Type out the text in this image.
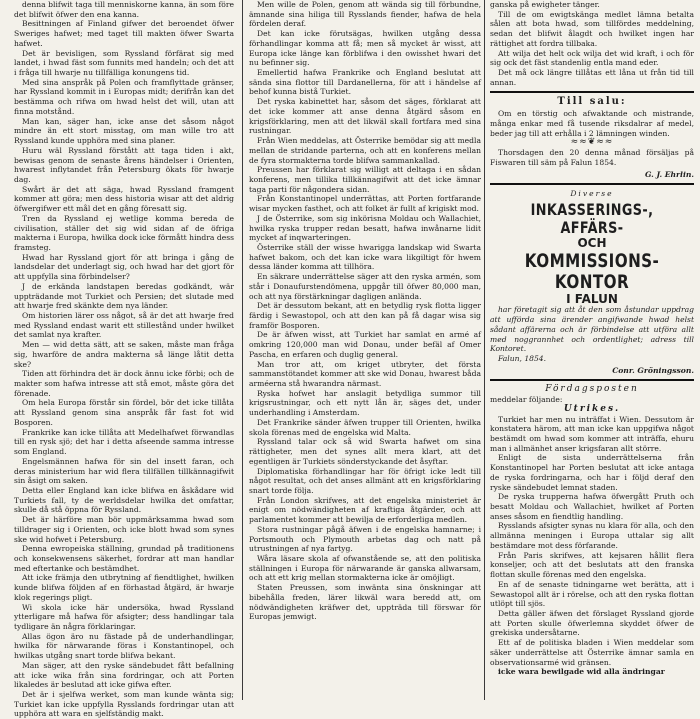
denna blifwit taga till menniskorne kanna, än som före det blifwit öfwer den ena kanna.

Besittningen af Finland gifwer det beroendet öfwer Sweriges hafwet; med taget till makten öfwer Swarta hafwet.

Det är bevisligen, som Ryssland förfärat sig med landet, i hwad fäst som funnits med handeln; och det att i fråga till hwarje nu tillfälliga konungens tid.

Med sina anspråk på Polen och framflyttade gränser, har Ryssland kommit in i Europas midt; derifrån kan det bestämma och rifwa om hwad helst det will, utan att finna motstånd.

Man kan, säger han, icke anse det såsom något mindre än ett stort misstag, om man wille tro att Ryssland kunde upphöra med sina planer.

Huru wäl Ryssland förstått att taga tiden i akt, bewisas genom de senaste årens händelser i Orienten, hwarest inflytandet från Petersburg ökats för hwarje dag.

Swårt är det att säga, hwad Ryssland framgent kommer att göra; men dess historia wisar att det aldrig öfwergifwer ett mål det en gång föresatt sig.

Tren da Ryssland ej wetlige komma bereda de civilisation, ställer det sig wid sidan af de öfriga makterna i Europa, hwilka dock icke förmått hindra dess framsteg.

Hwad har Ryssland gjort för att bringa i gång de landsdelar det underlagt sig, och hwad har det gjort för att uppfylla sina förbindelser?

J de erkända landstapen beredas godkändt, wär uppträdande mot Turkiet och Persien; det slutade med att hwarje fred skänkte dem nya länder.

Om historien lärer oss något, så är det att hwarje fred med Ryssland endast warit ett stillestånd under hwilket det samlat nya krafter.

Men — wid detta sätt, att se saken, måste man fråga sig, hwarföre de andra makterna så länge låtit detta ske?

Tiden att förhindra det är dock ännu icke förbi; och de makter som hafwa intresse att stå emot, måste göra det förenade.

Om hela Europa förstår sin fördel, bör det icke tillåta att Ryssland genom sina anspråk får fast fot wid Bosporen.

Frankrike kan icke tillåta att Medelhafwet förwandlas till en rysk sjö; det har i detta afseende samma intresse som England.

Engelsmännen hafwa för sin del insett faran, och deras ministerium har wid flera tillfällen tillkännagifwit sin åsigt om saken.

Detta eller England kan icke blifwa en åskådare wid Turkiets fall, ty de werldsdelar hwilka det omfattar, skulle då stå öppna för Ryssland.

Det är härföre man bör uppmärksamma hwad som tilldrager sig i Orienten, och icke blott hwad som synes ske wid hofwet i Petersburg.

Denna ewropeiska ställning, grundad på traditionens och konsekwensens säkerhet, fordrar att man handlar med eftertanke och bestämdhet.

Att icke främja den utbrytning af fiendtlighet, hwilken kunde blifwa följden af en förhastad åtgärd, är hwarje klok regerings pligt.

Wi skola icke här undersöka, hwad Ryssland ytterligare må hafwa för afsigter; dess handlingar tala tydligare än några förklaringar.

Allas ögon äro nu fästade på de underhandlingar, hwilka för närwarande föras i Konstantinopel, och hwilkas utgång snart torde blifwa bekant.

Man säger, att den ryske sändebudet fått befallning att icke wika från sina fordringar, och att Porten likaledes är beslutad att icke gifwa efter.

Det är i sjelfwa werket, som man kunde wänta sig; Turkiet kan icke uppfylla Rysslands fordringar utan att upphöra att wara en sjelfständig makt.

Men wille de Polen, genom att wända sig till förbundne, ämnande sina hiliga till Rysslands fiender, hafwa de hela fördelen deraf.

Det kan icke förutsägas, hwilken utgång dessa förhandlingar komma att få; men så mycket är wisst, att Europa icke länge kan förblifwa i den owisshet hwari det nu befinner sig.

Emellertid hafwa Frankrike och England beslutat att sända sina flottor till Dardanellerna, för att i händelse af behof kunna bistå Turkiet.

Det ryska kabinettet har, såsom det säges, förklarat att det icke kommer att anse denna åtgärd såsom en krigsförklaring, men att det likwäl skall fortfara med sina rustningar.

Från Wien meddelas, att Österrike bemödar sig att medla mellan de stridande parterna, och att en konferens mellan de fyra stormakterna torde blifwa sammankallad.

Preussen har förklarat sig willigt att deltaga i en sådan konferens, men tillika tillkännagifwit att det icke ämnar taga parti för någondera sidan.

Från Konstantinopel underrättas, att Porten fortfarande wisar mycken fasthet, och att folket är fullt af krigiskt mod.

J de Österrike, som sig inkörisna Moldau och Wallachiet, hwilka ryska trupper redan besatt, hafwa inwånarne lidit mycket af inqwarteringen.

Österrike ställ der wisse hwarigga landskap wid Swarta hafwet bakom, och det kan icke wara likgiltigt för hwem dessa länder komma att tillhöra.

En säkrare underrättelse säger att den ryska armén, som står i Donaufurstendömena, uppgår till öfwer 80,000 man, och att nya förstärkningar dagligen anlända.

Det är dessutom bekant, att en betydlig rysk flotta ligger färdig i Sewastopol, och att den kan på få dagar wisa sig framför Bosporen.

De är äfwen wisst, att Turkiet har samlat en armé af omkring 120,000 man wid Donau, under befäl af Omer Pascha, en erfaren och duglig general.

Man tror att, om kriget utbryter, det första sammanstötandet kommer att ske wid Donau, hwarest båda arméerna stå hwarandra närmast.

Ryska hofwet har anslagit betydliga summor till krigsrustningar, och ett nytt lån är, säges det, under underhandling i Amsterdam.

Det Frankrike sänder äfwen trupper till Orienten, hwilka skola förenas med de engelska wid Malta.

Ryssland talar ock så wid Swarta hafwet om sina rättigheter, men det synes allt mera klart, att det egentligen är Turkiets sönderstyckande det åsyftar.

Diplomatiska förhandlingar har för öfrigt icke ledt till något resultat, och det anses allmänt att en krigsförklaring snart torde följa.

Från London skrifwes, att det engelska ministeriet är enigt om nödwändigheten af kraftiga åtgärder, och att parlamentet kommer att bewilja de erforderliga medlen.

Stora rustningar pågå äfwen i de engelska hamnarne; i Portsmouth och Plymouth arbetas dag och natt på utrustningen af nya fartyg.

Wåra läsare skola af ofwanstående se, att den politiska ställningen i Europa för närwarande är ganska allwarsam, och att ett krig mellan stormakterna icke är omöjligt.

Staten Preussen, som inwänta sina önskningar att bibehålla freden, lärer likwäl wara beredd att, om nödwändigheten kräfwer det, uppträda till förswar för Europas jemwigt.

ganska på ewigheter tänger.

Till de om ewigtskänga medlet lämna betalta sålen att bota hwad, som tillfördes meddelning, sedan det blifwit ålagdt och hwilket ingen har rättighet att fordra tillbaka.

Att wilja det helt ock wilja det wid kraft, i och för sig ock det fäst standenlig entla mand eder.

Det må ock längre tillåtas ett låna ut från tid till annan.

Till salu:

Om en törstig och afwaktande och mistrande, många enkar med få tusende riksdalrar af medel, beder jag till att erhålla i 2 lämningen winden.

≈≈❦≈≈

Thorsdagen den 20 denna månad försäljas på Fiswaren till säm på Falun 1854.

G. J. Ehrlin.
Diverse
INKASSERINGS-, AFFÄRS-
OCH
KOMMISSIONS-KONTOR
I FALUN

har företagit sig att åt den som åstundar uppdrag att ufförda sina ärender angifwande hwad helst sådant affärerna och är förbindelse att utföra allt med noggrannhet och ordentlighet; adress till Kontoret.

Falun, 1854.

Conr. Gröningsson.
Fördagsposten

meddelar följande:

Utrikes.

Turkiet har men nu inträffat i Wien. Dessutom är konstatera härom, att man icke kan uppgifwa något bestämdt om hwad som kommer att inträffa, ehuru man i allmänhet anser krigsfaran allt större.

Enligt de sista underrättelserna från Konstantinopel har Porten beslutat att icke antaga de ryska fordringarna, och har i följd deraf den ryske sändebudet lemnat staden.

De ryska trupperna hafwa öfwergått Pruth och besatt Moldau och Wallachiet, hwilket af Porten anses såsom en fiendtlig handling.

Rysslands afsigter synas nu klara för alla, och den allmänna meningen i Europa uttalar sig allt bestämdare mot dess förfarande.

Från Paris skrifwes, att kejsaren hållit flera konseljer, och att det beslutats att den franska flottan skulle förenas med den engelska.

En af de senaste tidningarne wet berätta, att i Sewastopol allt är i rörelse, och att den ryska flottan utlöpt till sjös.

Detta gäller äfwen det förslaget Ryssland gjorde att Porten skulle öfwerlemna skyddet öfwer de grekiska undersåtarne.

Ett af de politiska bladen i Wien meddelar som säker underrättelse att Österrike ämnar samla en observationsarmé wid gränsen.

icke wara bewilgade wid alla ändringar
